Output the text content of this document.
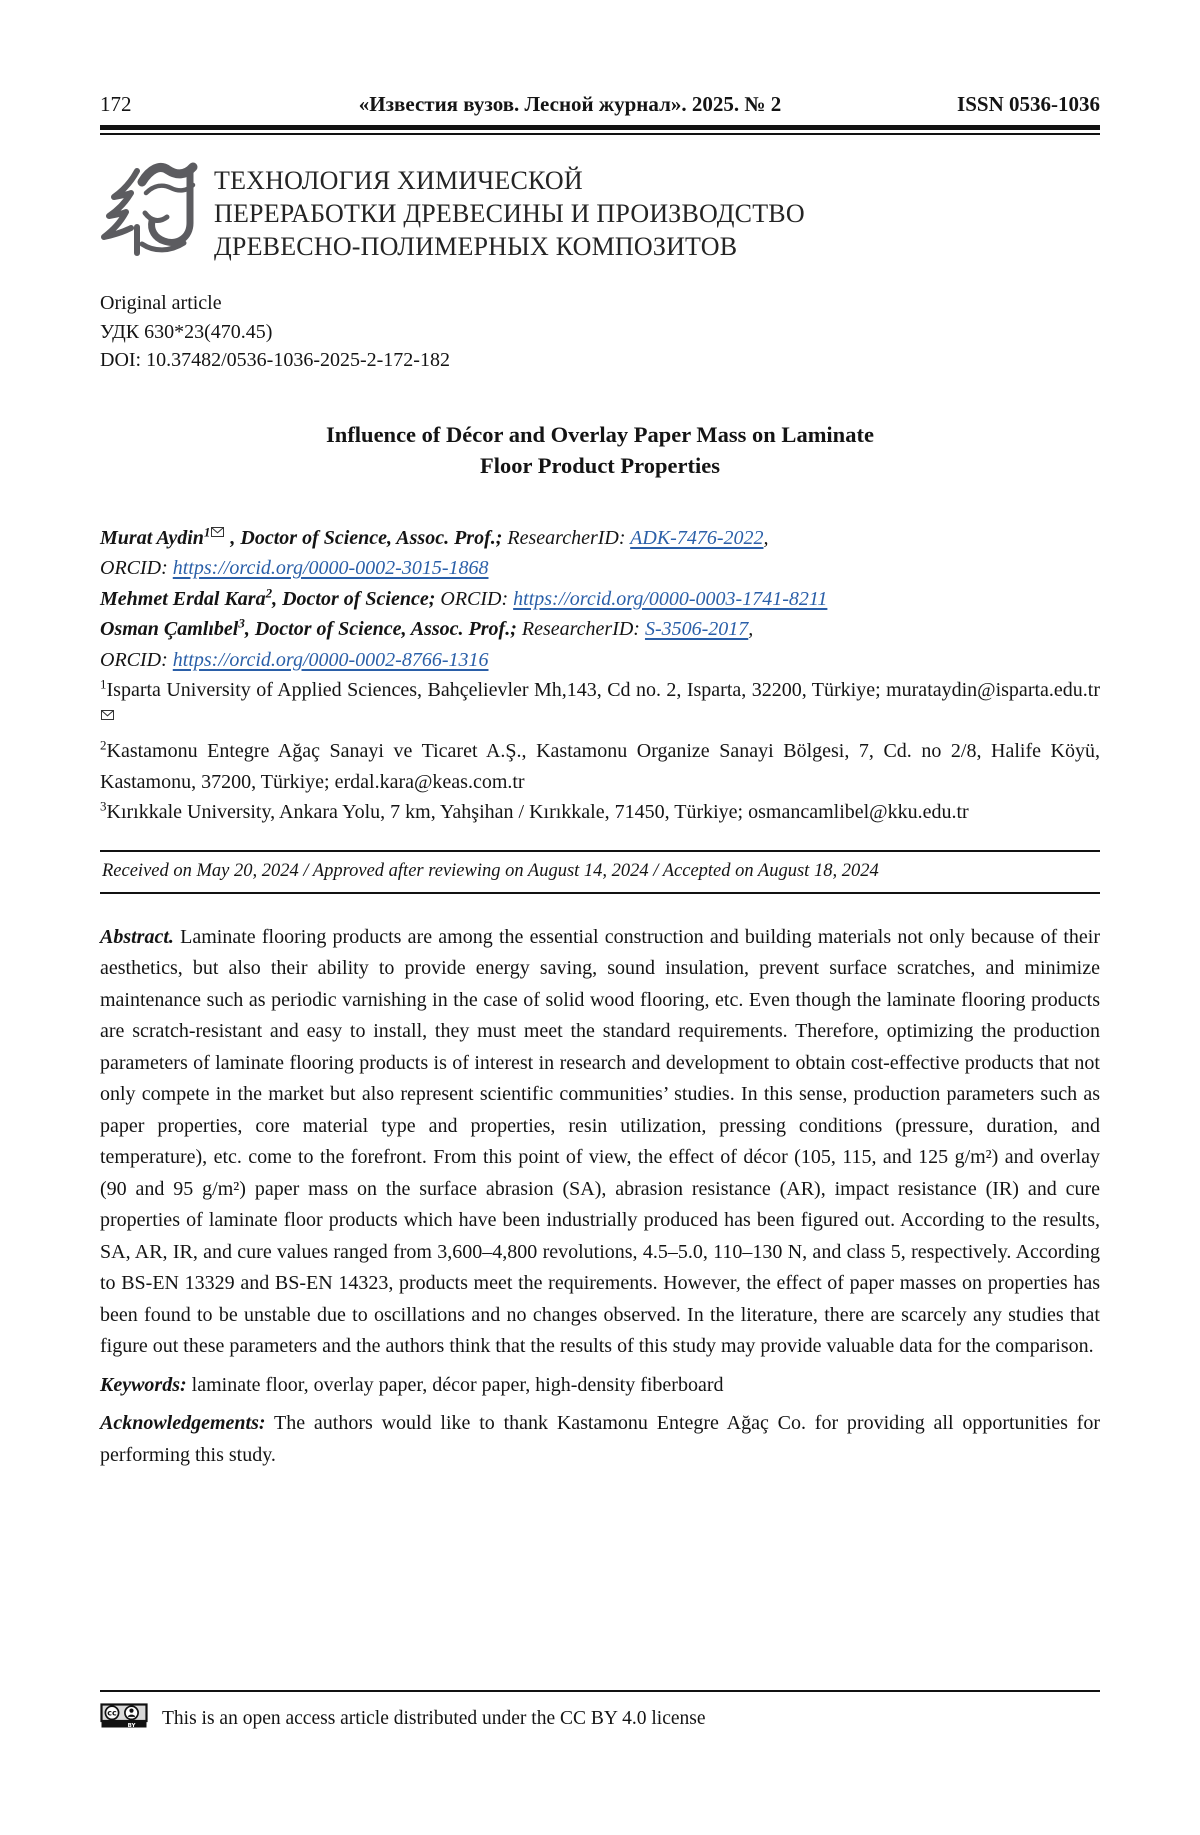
172	«Известия вузов. Лесной журнал». 2025. № 2	ISSN 0536-1036
ТЕХНОЛОГИЯ ХИМИЧЕСКОЙ
ПЕРЕРАБОТКИ ДРЕВЕСИНЫ И ПРОИЗВОДСТВО
ДРЕВЕСНО-ПОЛИМЕРНЫХ КОМПОЗИТОВ
Original article
УДК 630*23(470.45)
DOI: 10.37482/0536-1036-2025-2-172-182
Influence of Décor and Overlay Paper Mass on Laminate
Floor Product Properties

Murat Aydin$^1$ , Doctor of Science, Assoc. Prof.; ResearcherID: ADK-7476-2022,

ORCID: https://orcid.org/0000-0002-3015-1868

Mehmet Erdal Kara$^2$, Doctor of Science; ORCID: https://orcid.org/0000-0003-1741-8211

Osman Çamlıbel$^3$, Doctor of Science, Assoc. Prof.; ResearcherID: S-3506-2017,

ORCID: https://orcid.org/0000-0002-8766-1316

$^1$Isparta University of Applied Sciences, Bahçelievler Mh,143, Cd no. 2, Isparta, 32200, Türkiye; murataydin@isparta.edu.tr

$^2$Kastamonu Entegre Ağaç Sanayi ve Ticaret A.Ş., Kastamonu Organize Sanayi Bölgesi, 7, Cd. no 2/8, Halife Köyü, Kastamonu, 37200, Türkiye; erdal.kara@keas.com.tr

$^3$Kırıkkale University, Ankara Yolu, 7 km, Yahşihan / Kırıkkale, 71450, Türkiye; osmancamlibel@kku.edu.tr

Received on May 20, 2024 / Approved after reviewing on August 14, 2024 / Accepted on August 18, 2024

Abstract. Laminate flooring products are among the essential construction and building materials not only because of their aesthetics, but also their ability to provide energy saving, sound insulation, prevent surface scratches, and minimize maintenance such as periodic varnishing in the case of solid wood flooring, etc. Even though the laminate flooring products are scratch-resistant and easy to install, they must meet the standard requirements. Therefore, optimizing the production parameters of laminate flooring products is of interest in research and development to obtain cost-effective products that not only compete in the market but also represent scientific communities’ studies. In this sense, production parameters such as paper properties, core material type and properties, resin utilization, pressing conditions (pressure, duration, and temperature), etc. come to the forefront. From this point of view, the effect of décor (105, 115, and 125 g/m²) and overlay (90 and 95 g/m²) paper mass on the surface abrasion (SA), abrasion resistance (AR), impact resistance (IR) and cure properties of laminate floor products which have been industrially produced has been figured out. According to the results, SA, AR, IR, and cure values ranged from 3,600–4,800 revolutions, 4.5–5.0, 110–130 N, and class 5, respectively. According to BS-EN 13329 and BS-EN 14323, products meet the requirements. However, the effect of paper masses on properties has been found to be unstable due to oscillations and no changes observed. In the literature, there are scarcely any studies that figure out these parameters and the authors think that the results of this study may provide valuable data for the comparison.

Keywords: laminate floor, overlay paper, décor paper, high-density fiberboard

Acknowledgements: The authors would like to thank Kastamonu Entegre Ağaç Co. for providing all opportunities for performing this study.

cc
BY This is an open access article distributed under the CC BY 4.0 license
